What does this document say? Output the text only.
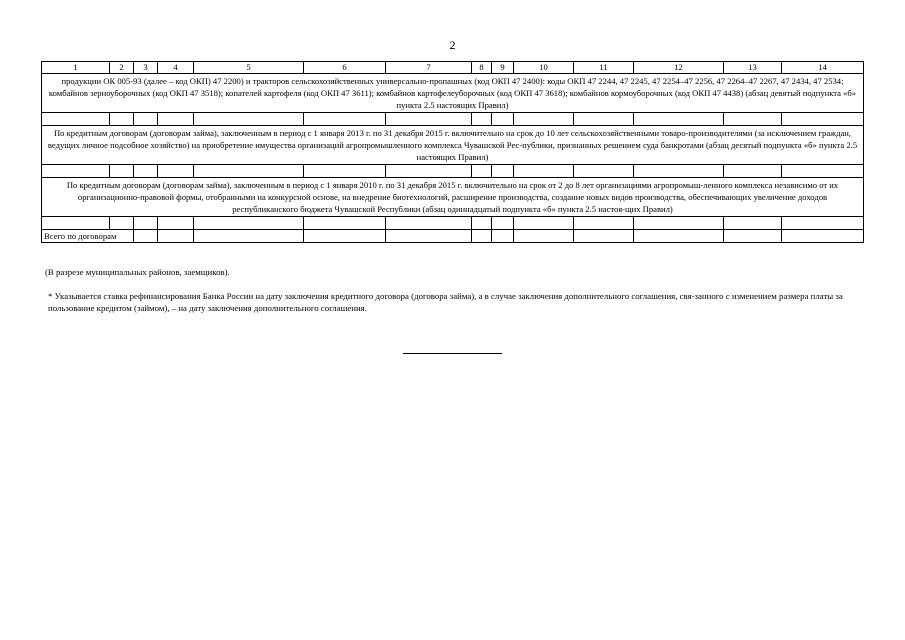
2
1	2	3	4	5	6	7	8	9	10	11	12	13	14
продукции ОК 005-93 (далее – код ОКП) 47 2200) и тракторов сельскохозяйственных универсально-пропашных (код ОКП 47 2400): коды ОКП 47 2244, 47 2245, 47 2254–47 2256, 47 2264–47 2267, 47 2434, 47 2534; комбайнов зерноуборочных (код ОКП 47 3518); копателей картофеля (код ОКП 47 3611); комбайнов картофелеуборочных (код ОКП 47 3618); комбайнов кормоуборочных (код ОКП 47 4438) (абзац девятый подпункта «б» пункта 2.5 настоящих Правил)													

По кредитным договорам (договорам займа), заключенным в период с 1 января 2013 г. по 31 декабря 2015 г. включительно на срок до 10 лет сельскохозяйственными товаро-производителями (за исключением граждан, ведущих личное подсобное хозяйство) на приобретение имущества организаций агропромышленного комплекса Чувашской Рес-публики, признанных решением суда банкротами (абзац десятый подпункта «б» пункта 2.5 настоящих Правил)													

По кредитным договорам (договорам займа), заключенным в период с 1 января 2010 г. по 31 декабря 2015 г. включительно на срок от 2 до 8 лет организациями агропромыш-ленного комплекса независимо от их организационно-правовой формы, отобранными на конкурсной основе, на внедрение биотехнологий, расширение производства, создание новых видов производства, обеспечивающих увеличение доходов республиканского бюджета Чувашской Республики (абзац одиннадцатый подпункта «б» пункта 2.5 настоя-щих Правил)													

Всего по договорам													
(В разрезе муниципальных районов, заемщиков).
* Указывается ставка рефинансирования Банка России на дату заключения кредитного договора (договора займа), а в случае заключения дополнительного соглашения, свя-занного с изменением размера платы за пользование кредитом (займом), – на дату заключения дополнительного соглашения.
